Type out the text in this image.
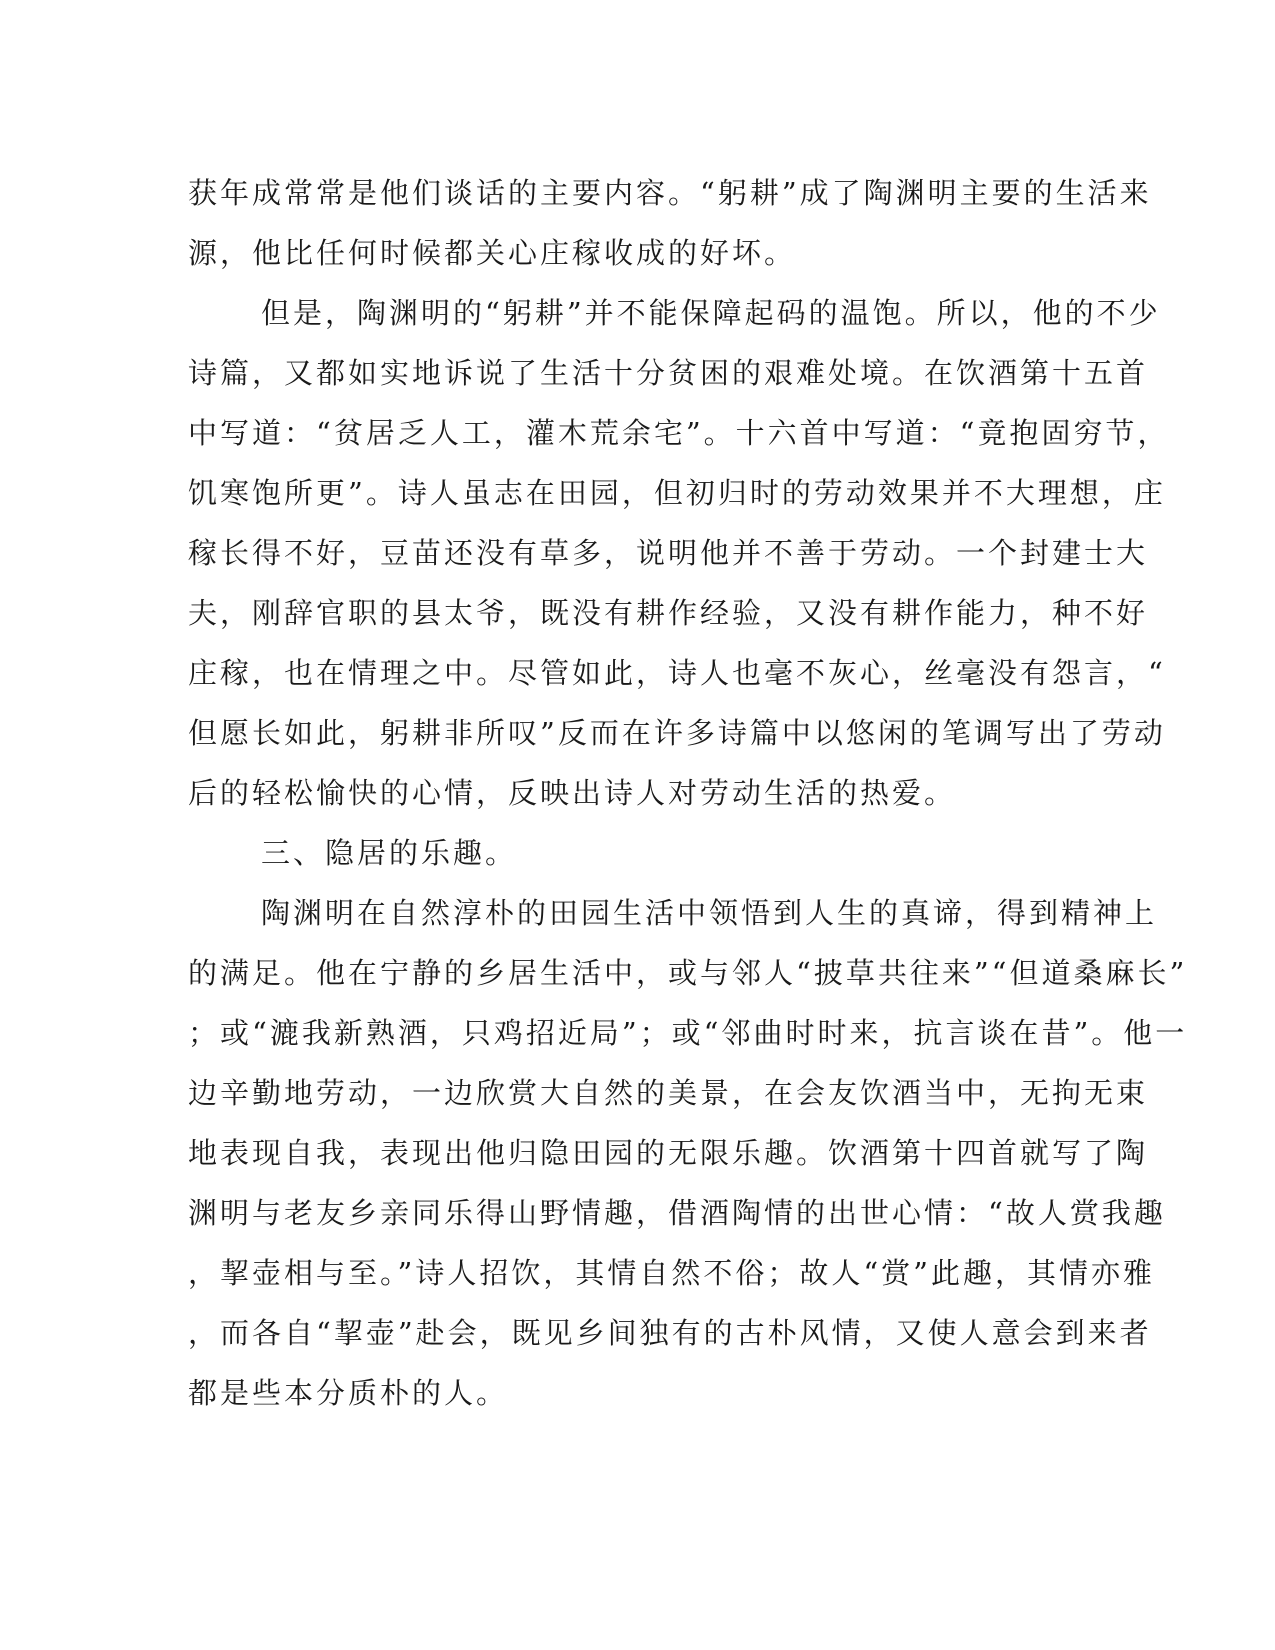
获年成常常是他们谈话的主要内容。“躬耕”成了陶渊明主要的生活来
源，他比任何时候都关心庄稼收成的好坏。
但是，陶渊明的“躬耕”并不能保障起码的温饱。所以，他的不少
诗篇，又都如实地诉说了生活十分贫困的艰难处境。在饮酒第十五首
中写道：“贫居乏人工，灌木荒余宅”。十六首中写道：“竟抱固穷节，
饥寒饱所更”。诗人虽志在田园，但初归时的劳动效果并不大理想，庄
稼长得不好，豆苗还没有草多，说明他并不善于劳动。一个封建士大
夫，刚辞官职的县太爷，既没有耕作经验，又没有耕作能力，种不好
庄稼，也在情理之中。尽管如此，诗人也毫不灰心，丝毫没有怨言，“
但愿长如此，躬耕非所叹”反而在许多诗篇中以悠闲的笔调写出了劳动
后的轻松愉快的心情，反映出诗人对劳动生活的热爱。
三、隐居的乐趣。
陶渊明在自然淳朴的田园生活中领悟到人生的真谛，得到精神上
的满足。他在宁静的乡居生活中，或与邻人“披草共往来”“但道桑麻长”
；或“漉我新熟酒，只鸡招近局”；或“邻曲时时来，抗言谈在昔”。他一
边辛勤地劳动，一边欣赏大自然的美景，在会友饮酒当中，无拘无束
地表现自我，表现出他归隐田园的无限乐趣。饮酒第十四首就写了陶
渊明与老友乡亲同乐得山野情趣，借酒陶情的出世心情：“故人赏我趣
，挈壶相与至。”诗人招饮，其情自然不俗；故人“赏”此趣，其情亦雅
，而各自“挈壶”赴会，既见乡间独有的古朴风情，又使人意会到来者
都是些本分质朴的人。
